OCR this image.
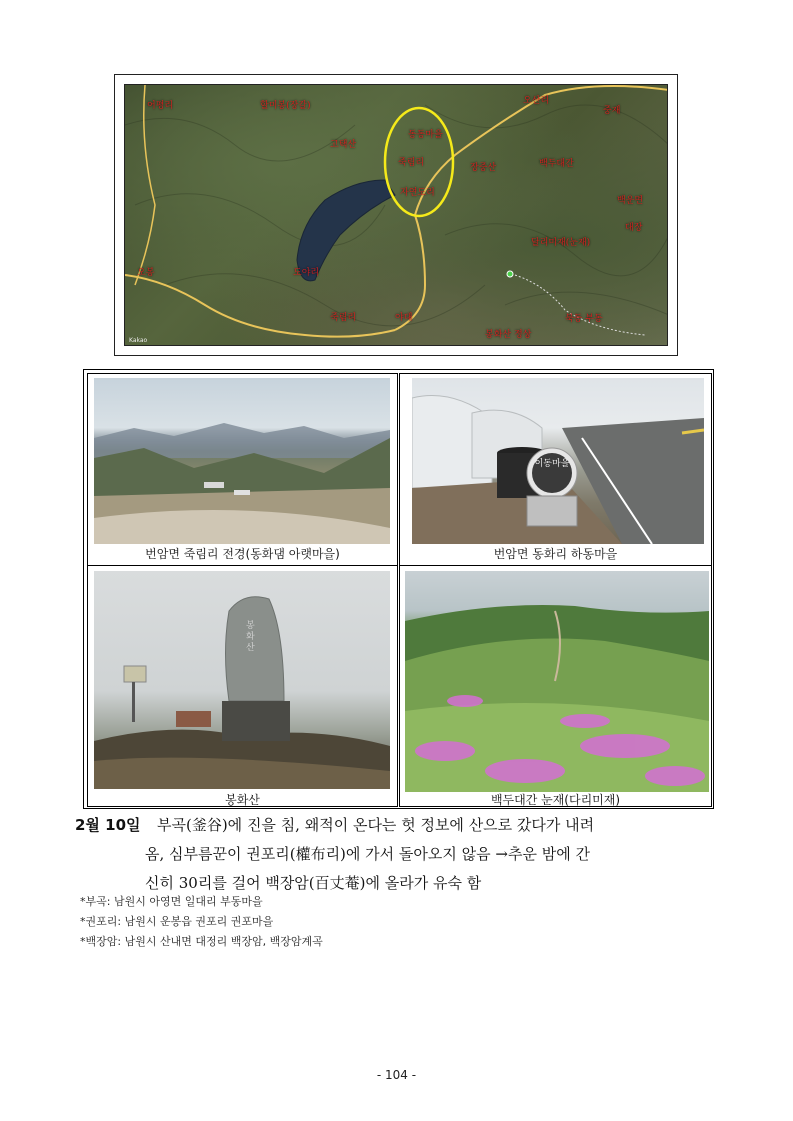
어평리	할미봉(장갈)	오산리
고택산
동동마을
죽림리
자연도리
중재
백두대간
장중산
백운면
대장
달리미재(눈재)
오봉	도야리
죽림리	야대
봉화산 정상
북동 부동
Kakao
번암면 죽림리 전경(동화댐 아랫마을)
이동마을
번암면 동화리 하동마을
봉화산
봉화산	백두대간 눈재(다리미재)
2월 10일 부곡(釜谷)에 진을 침, 왜적이 온다는 헛 정보에 산으로 갔다가 내려
옴, 심부름꾼이 권포리(權布리)에 가서 돌아오지 않음 →추운 밤에 간
신히 30리를 걸어 백장암(百丈菴)에 올라가 유숙 함
*부곡: 남원시 아영면 일대리 부동마을
*권포리: 남원시 운봉읍 권포리 권포마을
*백장암: 남원시 산내면 대정리 백장암, 백장암계곡
- 104 -
